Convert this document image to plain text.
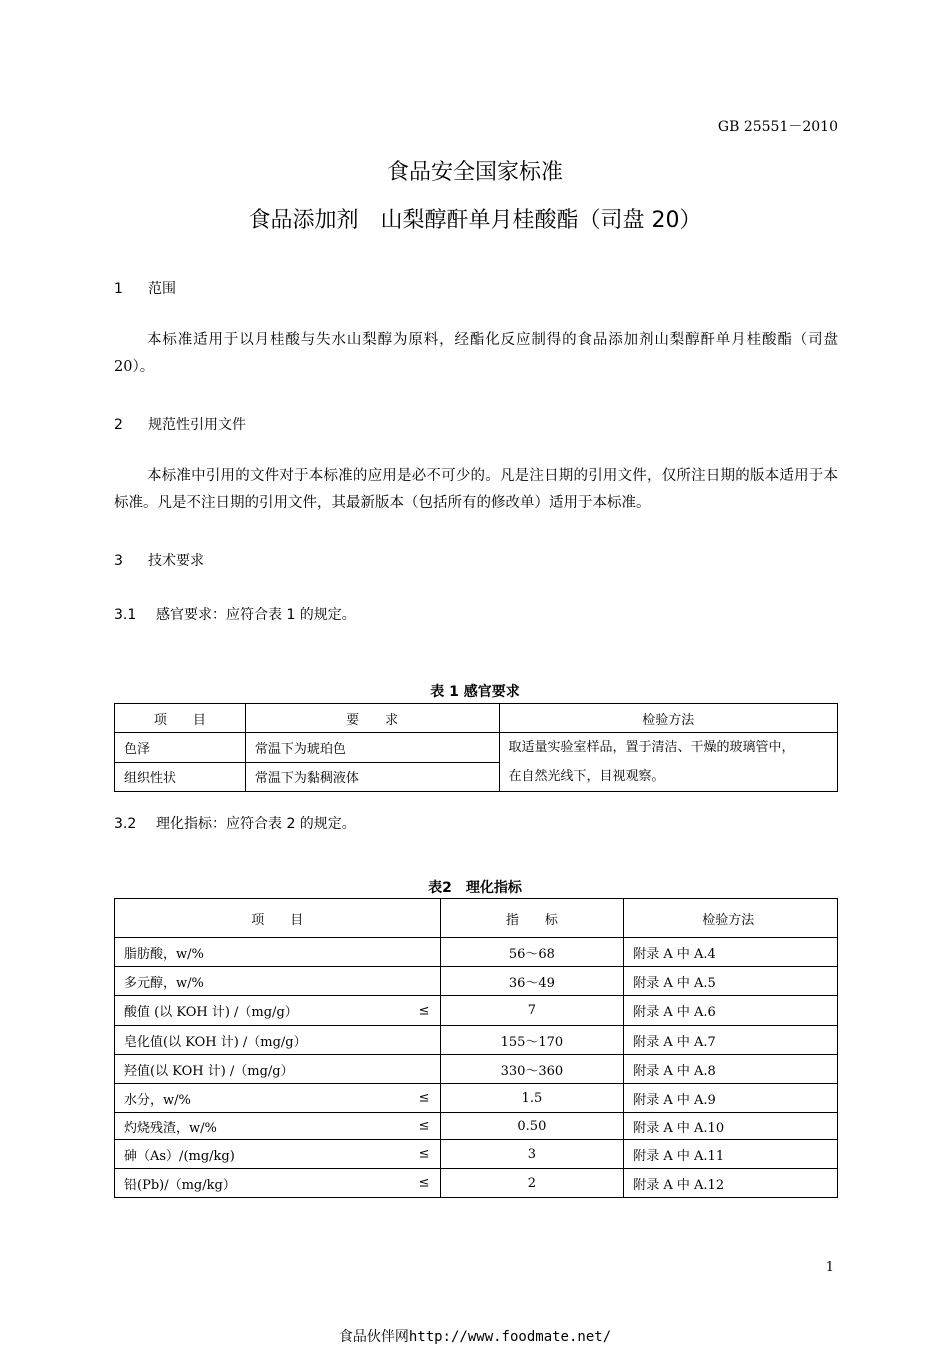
GB 25551－2010
食品安全国家标准
食品添加剂　山梨醇酐单月桂酸酯（司盘 20）
1 范围

本标准适用于以月桂酸与失水山梨醇为原料，经酯化反应制得的食品添加剂山梨醇酐单月桂酸酯（司盘 20）。

2 规范性引用文件

本标准中引用的文件对于本标准的应用是必不可少的。凡是注日期的引用文件，仅所注日期的版本适用于本标准。凡是不注日期的引用文件，其最新版本（包括所有的修改单）适用于本标准。

3 技术要求
3.1 感官要求：应符合表 1 的规定。
表 1 感官要求
项　　目	要　　求	检验方法
色泽	常温下为琥珀色	取适量实验室样品，置于清洁、干燥的玻璃管中，
在自然光线下，目视观察。

组织性状	常温下为黏稠液体	
3.2 理化指标：应符合表 2 的规定。
表2　理化指标
项　　目	指　　标	检验方法
脂肪酸，w/%	56～68	附录 A 中 A.4
多元醇，w/%	36～49	附录 A 中 A.5
酸值 (以 KOH 计) /（mg/g） ≤	7	附录 A 中 A.6
皂化值(以 KOH 计) /（mg/g）	155～170	附录 A 中 A.7
羟值(以 KOH 计) /（mg/g）	330～360	附录 A 中 A.8
水分，w/% ≤	1.5	附录 A 中 A.9
灼烧残渣，w/% ≤	0.50	附录 A 中 A.10
砷（As）/(mg/kg) ≤	3	附录 A 中 A.11
铅(Pb)/（mg/kg） ≤	2	附录 A 中 A.12
1
食品伙伴网http://www.foodmate.net/
